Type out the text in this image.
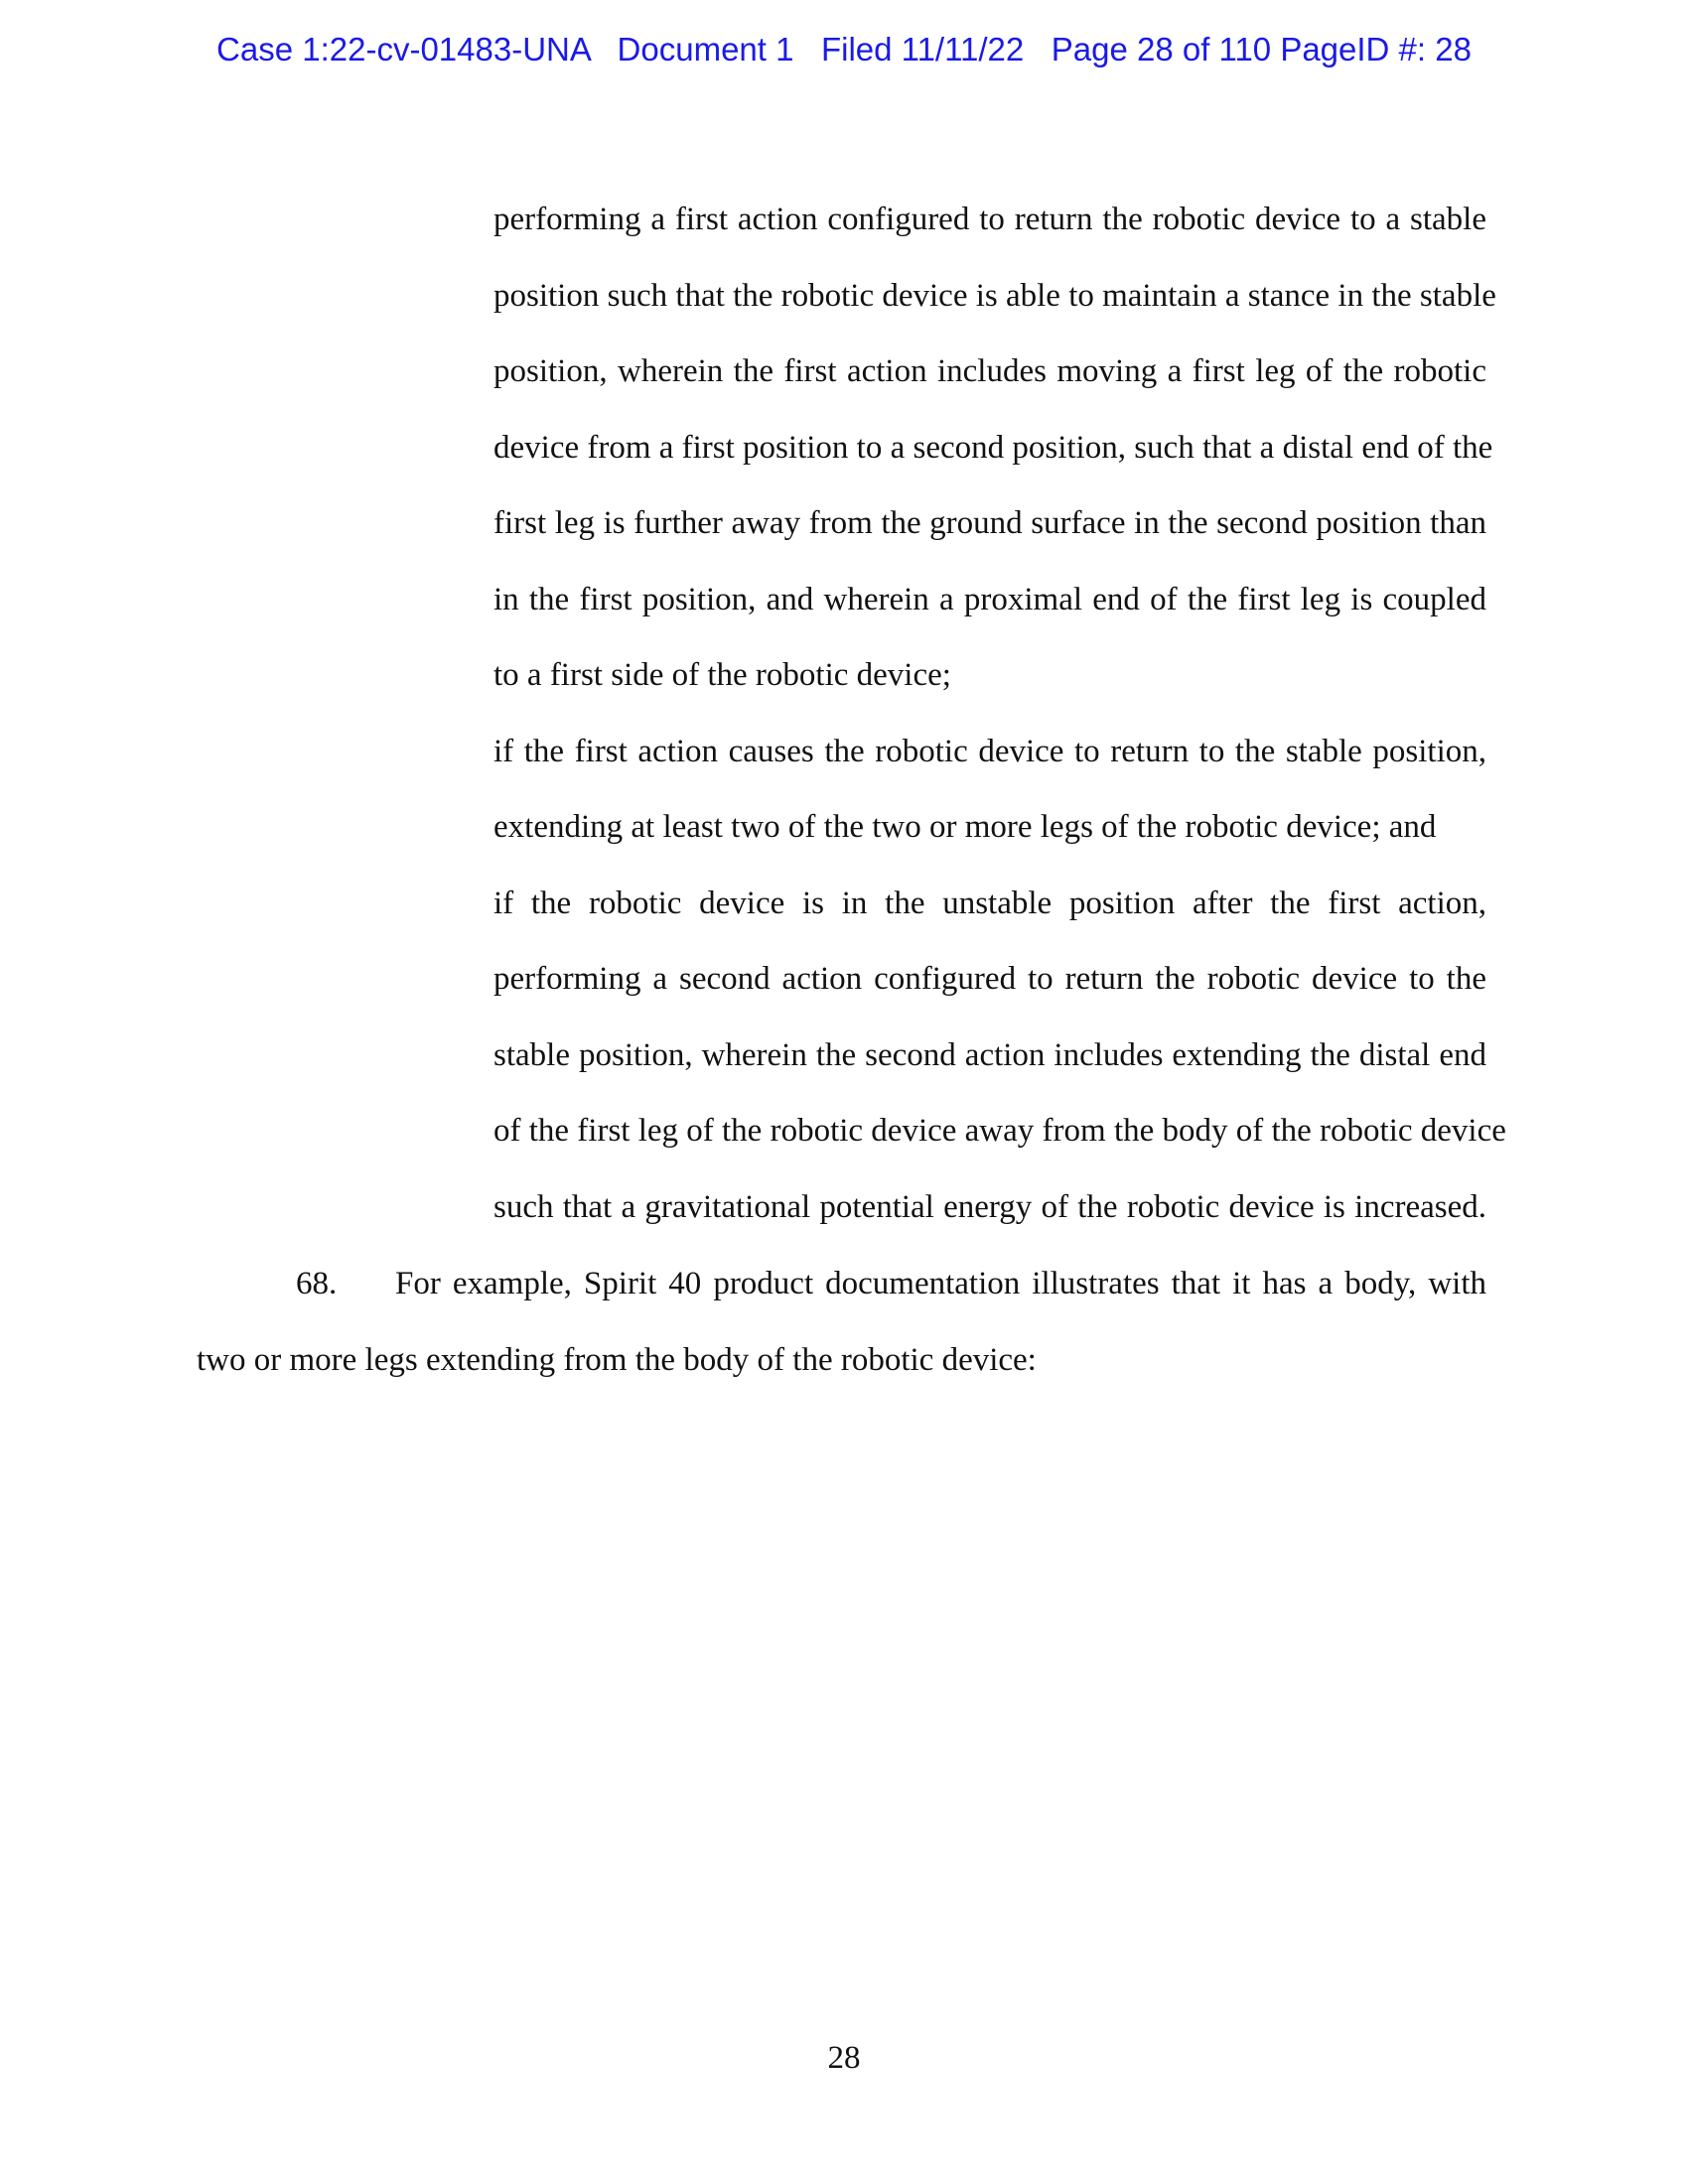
Case 1:22-cv-01483-UNA   Document 1   Filed 11/11/22   Page 28 of 110 PageID #: 28
performing a first action configured to return the robotic device to a stable
position such that the robotic device is able to maintain a stance in the stable
position, wherein the first action includes moving a first leg of the robotic
device from a first position to a second position, such that a distal end of the
first leg is further away from the ground surface in the second position than
in the first position, and wherein a proximal end of the first leg is coupled
to a first side of the robotic device;
if the first action causes the robotic device to return to the stable position,
extending at least two of the two or more legs of the robotic device; and
if the robotic device is in the unstable position after the first action,
performing a second action configured to return the robotic device to the
stable position, wherein the second action includes extending the distal end
of the first leg of the robotic device away from the body of the robotic device
such that a gravitational potential energy of the robotic device is increased.
68.	For example, Spirit 40 product documentation illustrates that it has a body, with
two or more legs extending from the body of the robotic device:
28
